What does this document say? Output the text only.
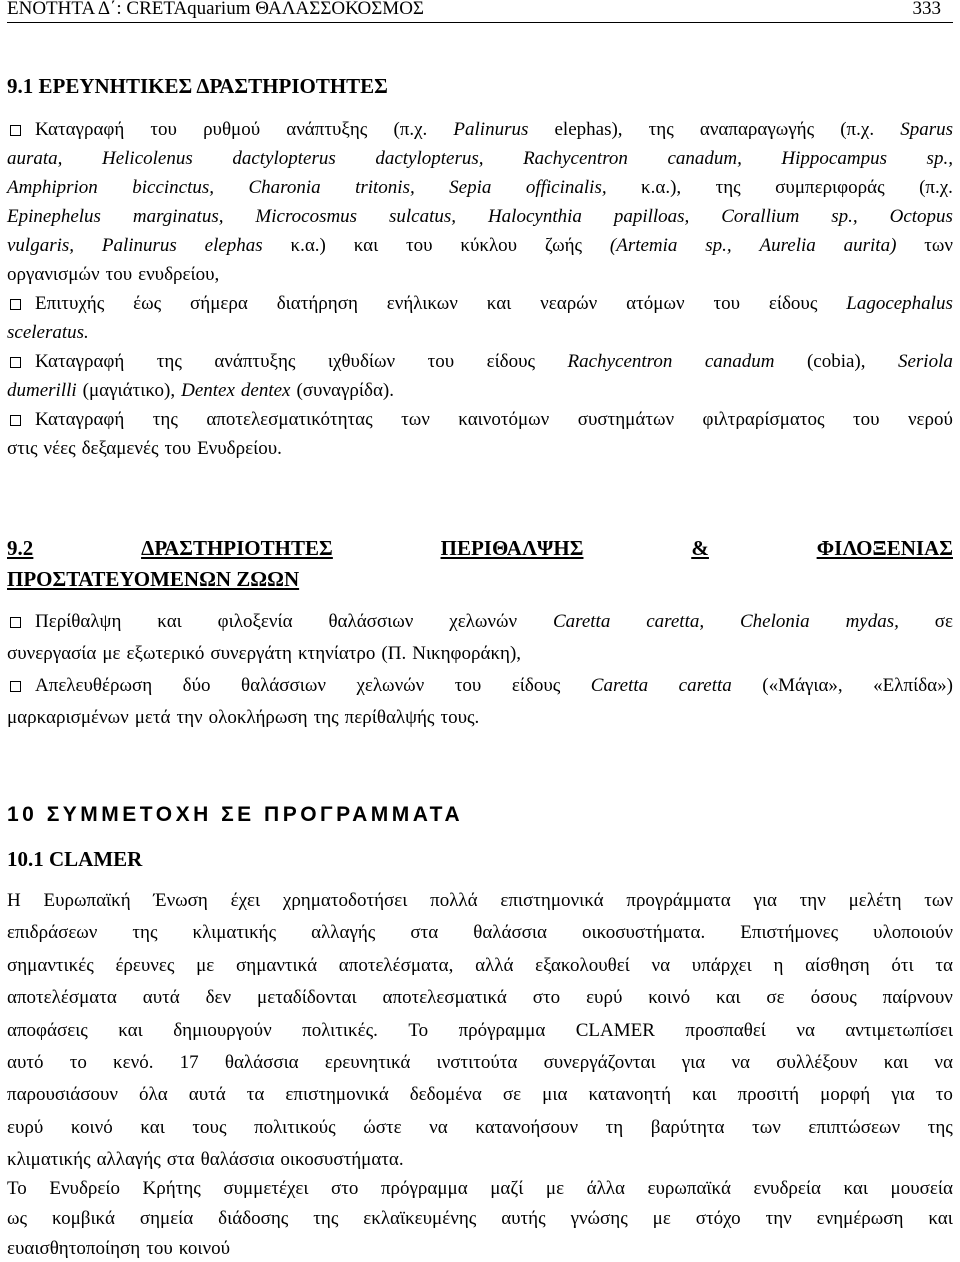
ΕΝΟΤΗΤΑ Δ΄: CRETAquarium ΘΑΛΑΣΣΟΚΟΣΜΟΣ	333
9.1 ΕΡΕΥΝΗΤΙΚΕΣ ΔΡΑΣΤΗΡΙΟΤΗΤΕΣ
Καταγραφή του ρυθμού ανάπτυξης (π.χ. Palinurus elephas), της αναπαραγωγής (π.χ. Sparus
aurata, Helicolenus dactylopterus dactylopterus, Rachycentron canadum, Hippocampus sp.,
Amphiprion biccinctus, Charonia tritonis, Sepia officinalis, κ.α.), της συμπεριφοράς (π.χ.
Epinephelus marginatus, Microcosmus sulcatus, Halocynthia papilloas, Corallium sp., Octopus
vulgaris, Palinurus elephas κ.α.) και του κύκλου ζωής (Artemia sp., Aurelia aurita) των
οργανισμών του ενυδρείου,
Επιτυχής έως σήμερα διατήρηση ενήλικων και νεαρών ατόμων του είδους Lagocephalus
sceleratus.
Καταγραφή της ανάπτυξης ιχθυδίων του είδους Rachycentron canadum (cobia), Seriola
dumerilli (μαγιάτικο), Dentex dentex (συναγρίδα).
Καταγραφή της αποτελεσματικότητας των καινοτόμων συστημάτων φιλτραρίσματος του νερού
στις νέες δεξαμενές του Ενυδρείου.
9.2	ΔΡΑΣΤΗΡΙΟΤΗΤΕΣ	ΠΕΡΙΘΑΛΨΗΣ	&	ΦΙΛΟΞΕΝΙΑΣ
ΠΡΟΣΤΑΤΕΥΟΜΕΝΩΝ ΖΩΩΝ
Περίθαλψη και φιλοξενία θαλάσσιων χελωνών Caretta caretta, Chelonia mydas, σε
συνεργασία με εξωτερικό συνεργάτη κτηνίατρο (Π. Νικηφοράκη),
Απελευθέρωση δύο θαλάσσιων χελωνών του είδους Caretta caretta («Μάγια», «Ελπίδα»)
μαρκαρισμένων μετά την ολοκλήρωση της περίθαλψής τους.
10 ΣΥΜΜΕΤΟΧΗ ΣΕ ΠΡΟΓΡΑΜΜΑΤΑ
10.1 CLAMER
Η Ευρωπαϊκή Ένωση έχει χρηματοδοτήσει πολλά επιστημονικά προγράμματα για την μελέτη των
επιδράσεων της κλιματικής αλλαγής στα θαλάσσια οικοσυστήματα. Επιστήμονες υλοποιούν
σημαντικές έρευνες με σημαντικά αποτελέσματα, αλλά εξακολουθεί να υπάρχει η αίσθηση ότι τα
αποτελέσματα αυτά δεν μεταδίδονται αποτελεσματικά στο ευρύ κοινό και σε όσους παίρνουν
αποφάσεις και δημιουργούν πολιτικές. Το πρόγραμμα CLAMER προσπαθεί να αντιμετωπίσει
αυτό το κενό. 17 θαλάσσια ερευνητικά ινστιτούτα συνεργάζονται για να συλλέξουν και να
παρουσιάσουν όλα αυτά τα επιστημονικά δεδομένα σε μια κατανοητή και προσιτή μορφή για το
ευρύ κοινό και τους πολιτικούς ώστε να κατανοήσουν τη βαρύτητα των επιπτώσεων της
κλιματικής αλλαγής στα θαλάσσια οικοσυστήματα.
Το Ενυδρείο Κρήτης συμμετέχει στο πρόγραμμα μαζί με άλλα ευρωπαϊκά ενυδρεία και μουσεία
ως κομβικά σημεία διάδοσης της εκλαϊκευμένης αυτής γνώσης με στόχο την ενημέρωση και
ευαισθητοποίηση του κοινού
